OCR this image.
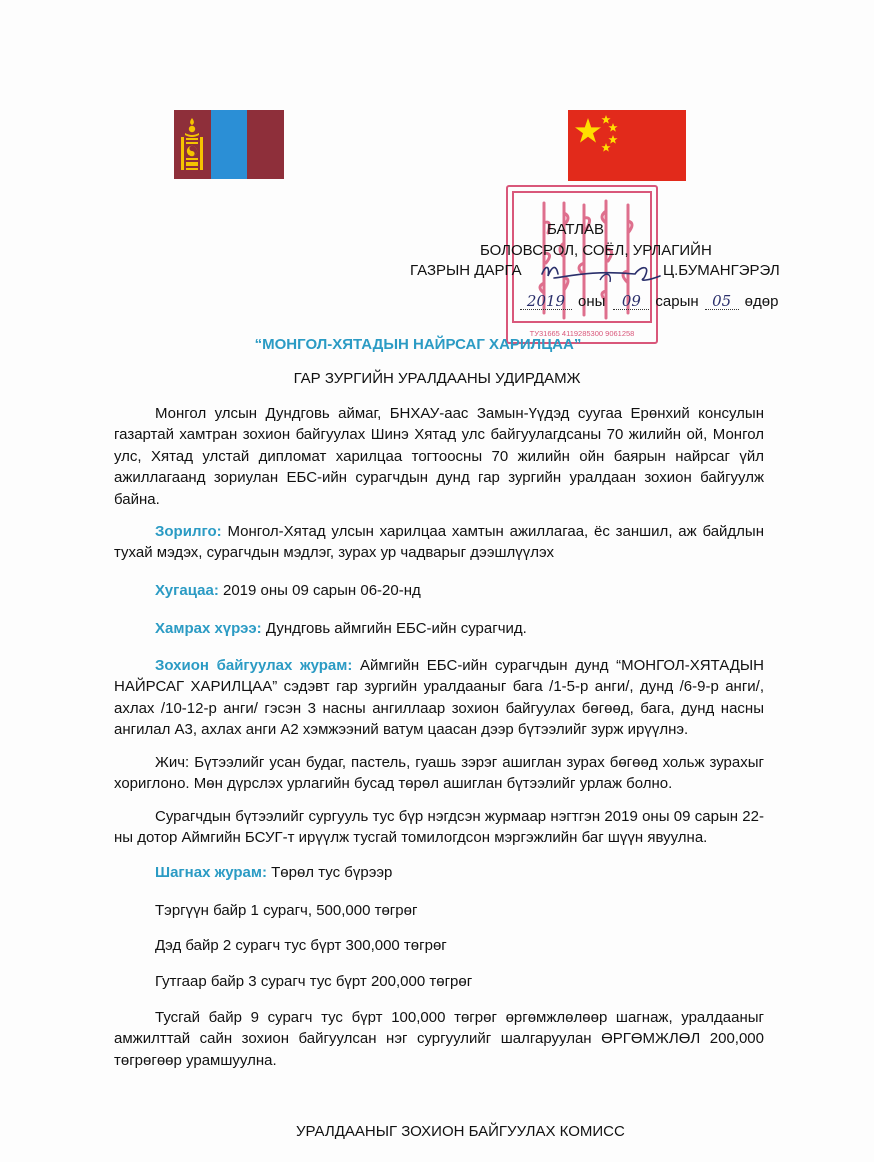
ТУ31665 4119285300 9061258
БАТЛАВ
БОЛОВСРОЛ, СОЁЛ, УРЛАГИЙН
ГАЗРЫН ДАРГА	Ц.БУМАНГЭРЭЛ
2019 оны	09 сарын 05 өдөр
“МОНГОЛ-ХЯТАДЫН НАЙРСАГ ХАРИЛЦАА”
ГАР ЗУРГИЙН УРАЛДААНЫ УДИРДАМЖ

Монгол улсын Дундговь аймаг, БНХАУ-аас Замын-Үүдэд суугаа Ерөнхий консулын газартай хамтран зохион байгуулах Шинэ Хятад улс байгуулагдсаны 70 жилийн ой, Монгол улс, Хятад улстай дипломат харилцаа тогтоосны 70 жилийн ойн баярын найрсаг үйл ажиллагаанд зориулан ЕБС-ийн сурагчдын дунд гар зургийн уралдаан зохион байгуулж байна.

Зорилго: Монгол-Хятад улсын харилцаа хамтын ажиллагаа, ёс заншил, аж байдлын тухай мэдэх, сурагчдын мэдлэг, зурах ур чадварыг дээшлүүлэх

Хугацаа: 2019 оны 09 сарын 06-20-нд
Хамрах хүрээ: Дундговь аймгийн ЕБС-ийн сурагчид.

Зохион байгуулах журам: Аймгийн ЕБС-ийн сурагчдын дунд “МОНГОЛ-ХЯТАДЫН НАЙРСАГ ХАРИЛЦАА” сэдэвт гар зургийн уралдааныг бага /1-5-р анги/, дунд /6-9-р анги/, ахлах /10-12-р анги/ гэсэн 3 насны ангиллаар зохион байгуулах бөгөөд, бага, дунд насны ангилал А3, ахлах анги А2 хэмжээний ватум цаасан дээр бүтээлийг зурж ирүүлнэ.

Жич: Бүтээлийг усан будаг, пастель, гуашь зэрэг ашиглан зурах бөгөөд хольж зурахыг хориглоно. Мөн дүрслэх урлагийн бусад төрөл ашиглан бүтээлийг урлаж болно.

Сурагчдын бүтээлийг сургууль тус бүр нэгдсэн журмаар нэгтгэн 2019 оны 09 сарын 22-ны дотор Аймгийн БСУГ-т ирүүлж тусгай томилогдсон мэргэжлийн баг шүүн явуулна.

Шагнах журам: Төрөл тус бүрээр
Тэргүүн байр 1 сурагч, 500,000 төгрөг
Дэд байр 2 сурагч тус бүрт 300,000 төгрөг
Гутгаар байр 3 сурагч тус бүрт 200,000 төгрөг

Тусгай байр 9 сурагч тус бүрт 100,000 төгрөг өргөмжлөлөөр шагнаж, уралдааныг амжилттай сайн зохион байгуулсан нэг сургуулийг шалгаруулан ӨРГӨМЖЛӨЛ 200,000 төгрөгөөр урамшуулна.

УРАЛДААНЫГ ЗОХИОН БАЙГУУЛАХ КОМИСС
